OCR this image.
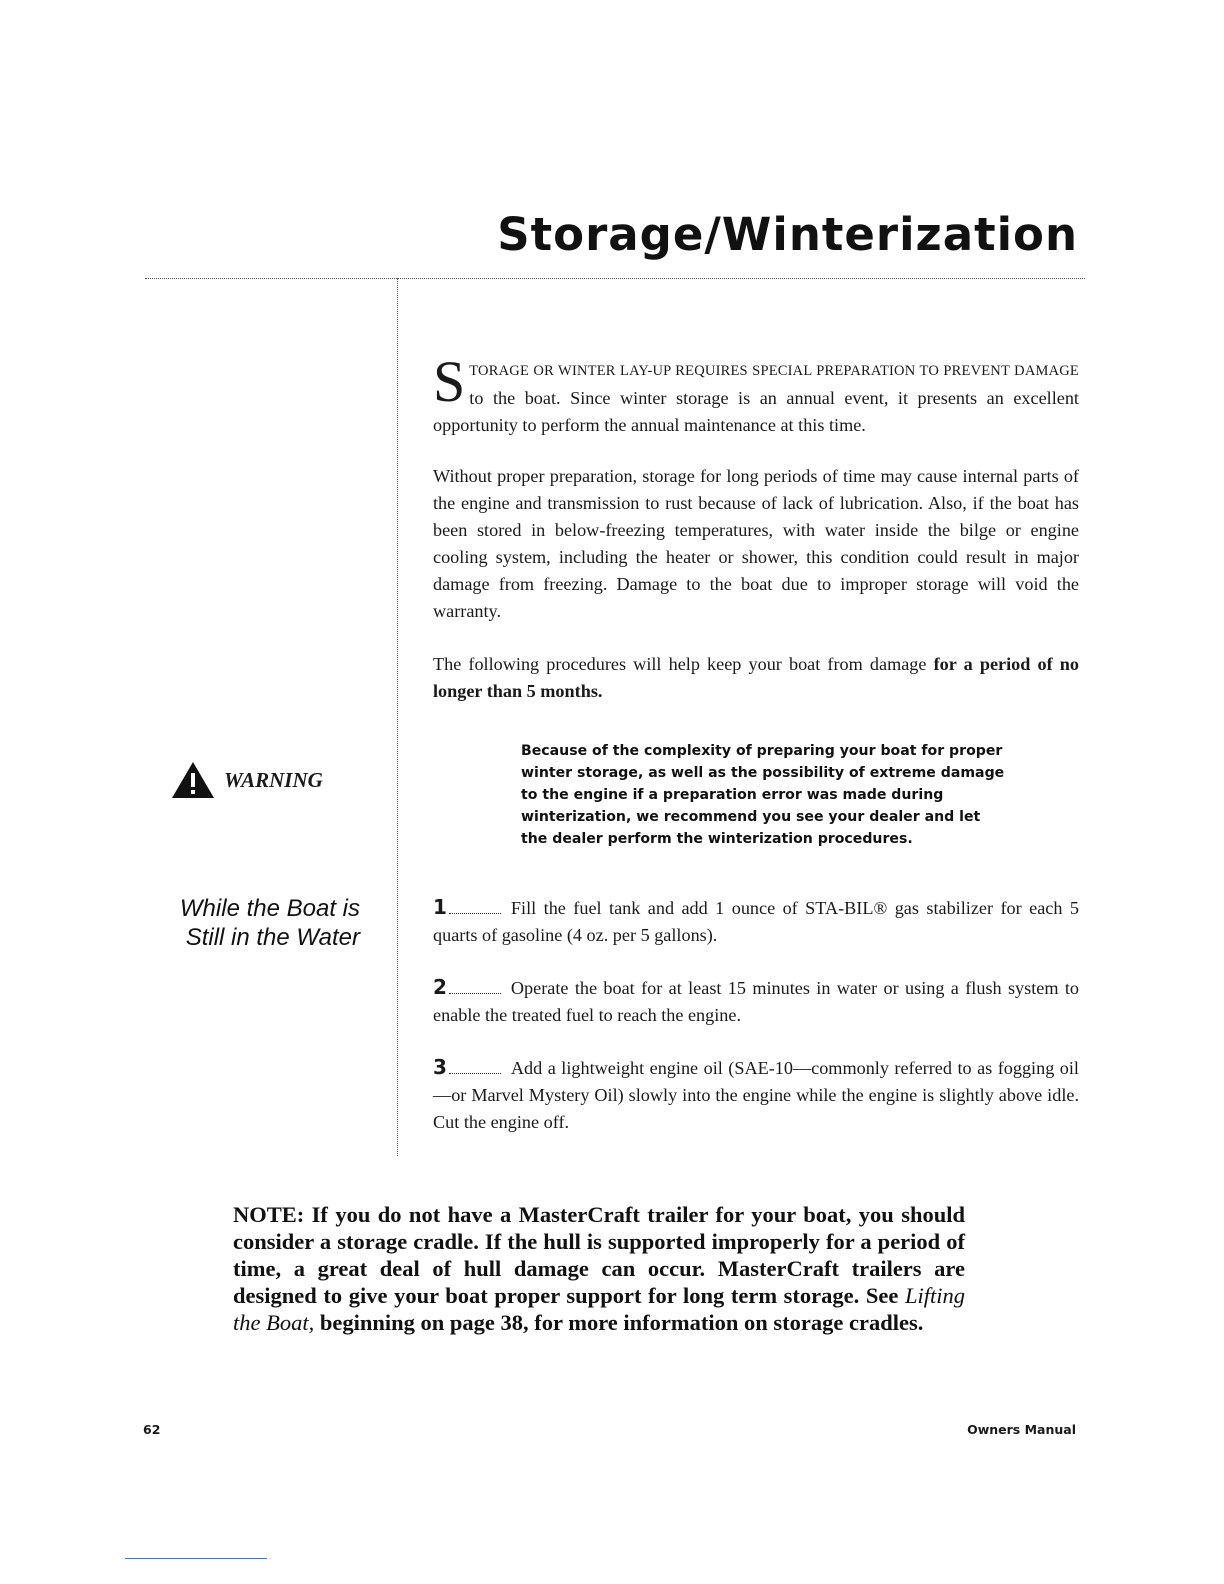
Storage/Winterization

STORAGE OR WINTER LAY-UP REQUIRES SPECIAL PREPARATION TO PREVENT DAMAGE to the boat. Since winter storage is an annual event, it presents an excellent opportunity to perform the annual maintenance at this time.

Without proper preparation, storage for long periods of time may cause internal parts of the engine and transmission to rust because of lack of lubrication. Also, if the boat has been stored in below-freezing temperatures, with water inside the bilge or engine cooling system, including the heater or shower, this condition could result in major damage from freezing. Damage to the boat due to improper storage will void the warranty.

The following procedures will help keep your boat from damage for a period of no longer than 5 months.

WARNING

Because of the complexity of preparing your boat for proper winter storage, as well as the possibility of extreme damage to the engine if a preparation error was made during winterization, we recommend you see your dealer and let the dealer perform the winterization procedures.

While the Boat is
Still in the Water

1	Fill the fuel tank and add 1 ounce of STA-BIL® gas stabilizer for each 5 quarts of gasoline (4 oz. per 5 gallons).

2	Operate the boat for at least 15 minutes in water or using a flush system to enable the treated fuel to reach the engine.

3	Add a lightweight engine oil (SAE-10—commonly referred to as fogging oil—or Marvel Mystery Oil) slowly into the engine while the engine is slightly above idle. Cut the engine off.

NOTE: If you do not have a MasterCraft trailer for your boat, you should consider a storage cradle. If the hull is supported improperly for a period of time, a great deal of hull damage can occur. MasterCraft trailers are designed to give your boat proper support for long term storage. See Lifting the Boat, beginning on page 38, for more information on storage cradles.

62	Owners Manual
